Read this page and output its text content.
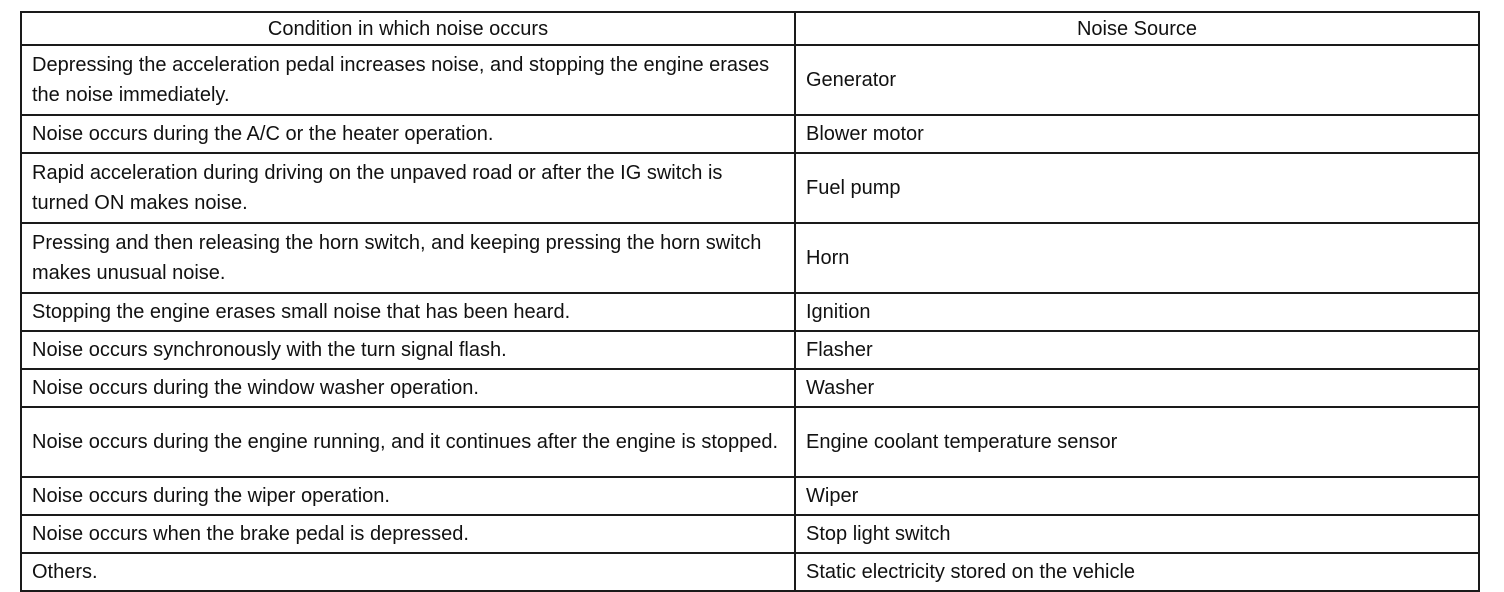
Condition in which noise occurs	Noise Source
Depressing the acceleration pedal increases noise, and stopping the engine erases the noise immediately.	Generator
Noise occurs during the A/C or the heater operation.	Blower motor
Rapid acceleration during driving on the unpaved road or after the IG switch is turned ON makes noise.	Fuel pump
Pressing and then releasing the horn switch, and keeping pressing the horn switch makes unusual noise.	Horn
Stopping the engine erases small noise that has been heard.	Ignition
Noise occurs synchronously with the turn signal flash.	Flasher
Noise occurs during the window washer operation.	Washer
Noise occurs during the engine running, and it continues after the engine is stopped.	Engine coolant temperature sensor
Noise occurs during the wiper operation.	Wiper
Noise occurs when the brake pedal is depressed.	Stop light switch
Others.	Static electricity stored on the vehicle
